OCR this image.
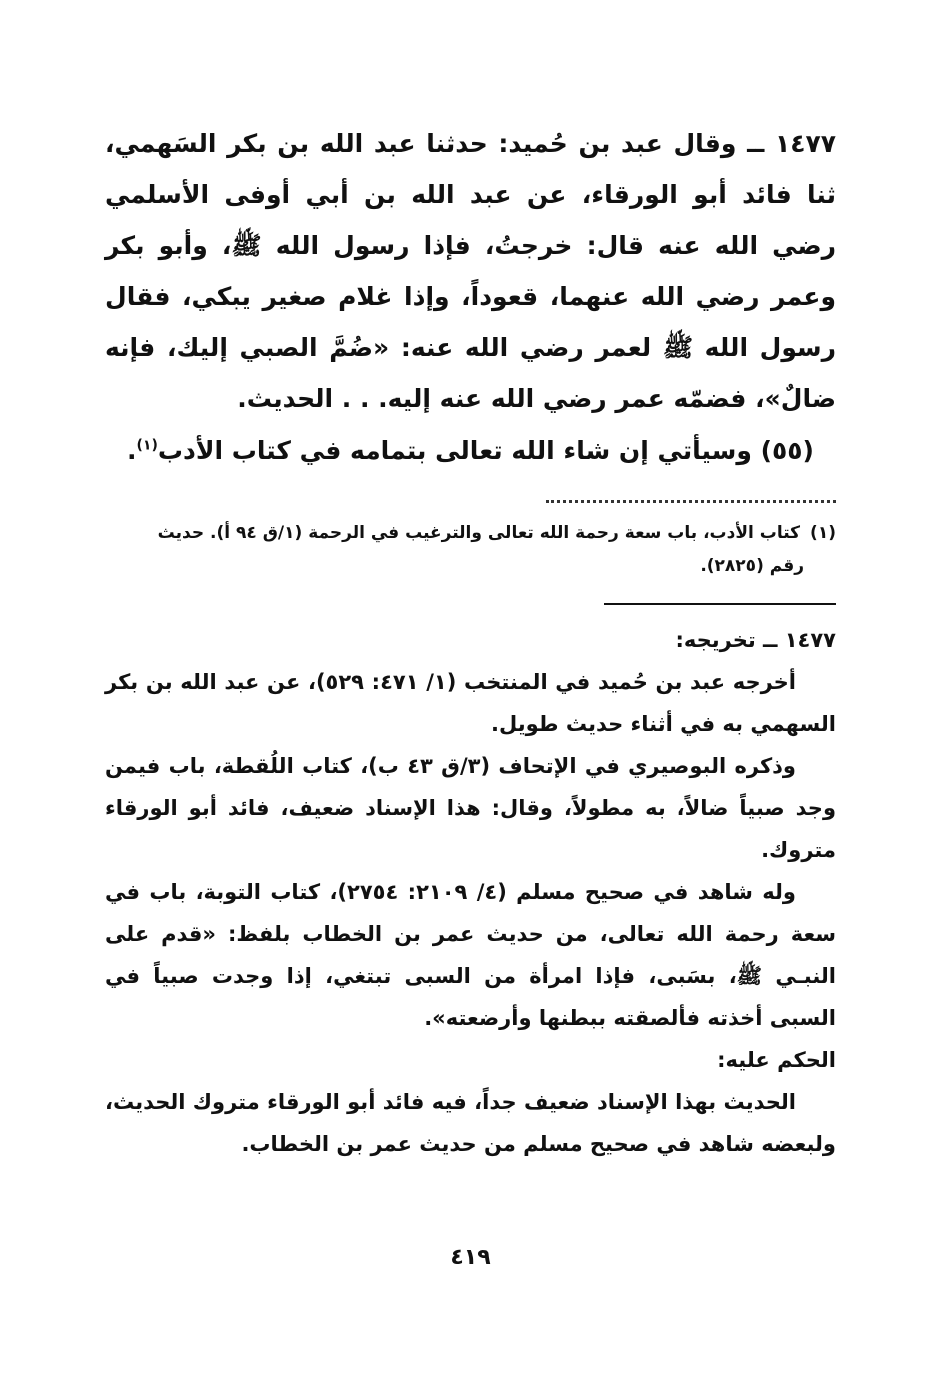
١٤٧٧ ــ وقال عبد بن حُميد: حدثنا عبد الله بن بكر السَهمي، ثنا فائد أبو الورقاء، عن عبد الله بن أبي أوفى الأسلمي رضي الله عنه قال: خرجتُ، فإذا رسول الله ﷺ، وأبو بكر وعمر رضي الله عنهما، قعوداً، وإذا غلام صغير يبكي، فقال رسول الله ﷺ لعمر رضي الله عنه: «ضُمَّ الصبي إليك، فإنه ضالٌ»، فضمّه عمر رضي الله عنه إليه. . . الحديث.

(٥٥) وسيأتي إن شاء الله تعالى بتمامه في كتاب الأدب$^{(١)}$.

(١)كتاب الأدب، باب سعة رحمة الله تعالى والترغيب في الرحمة (١/ق ٩٤ أ). حديث
رقم (٢٨٢٥).
١٤٧٧ ــ تخريجه:

أخرجه عبد بن حُميد في المنتخب (١/ ٤٧١: ٥٢٩)، عن عبد الله بن بكر السهمي به في أثناء حديث طويل.

وذكره البوصيري في الإتحاف (٣/ق ٤٣ ب)، كتاب اللُقطة، باب فيمن وجد صبياً ضالاً، به مطولاً، وقال: هذا الإسناد ضعيف، فائد أبو الورقاء متروك.

وله شاهد في صحيح مسلم (٤/ ٢١٠٩: ٢٧٥٤)، كتاب التوبة، باب في سعة رحمة الله تعالى، من حديث عمر بن الخطاب بلفظ: «قدم على النبـي ﷺ، بسَبى، فإذا امرأة من السبى تبتغي، إذا وجدت صبياً في السبى أخذته فألصقته ببطنها وأرضعته».

الحكم عليه:

الحديث بهذا الإسناد ضعيف جداً، فيه فائد أبو الورقاء متروك الحديث، ولبعضه شاهد في صحيح مسلم من حديث عمر بن الخطاب.

٤١٩
